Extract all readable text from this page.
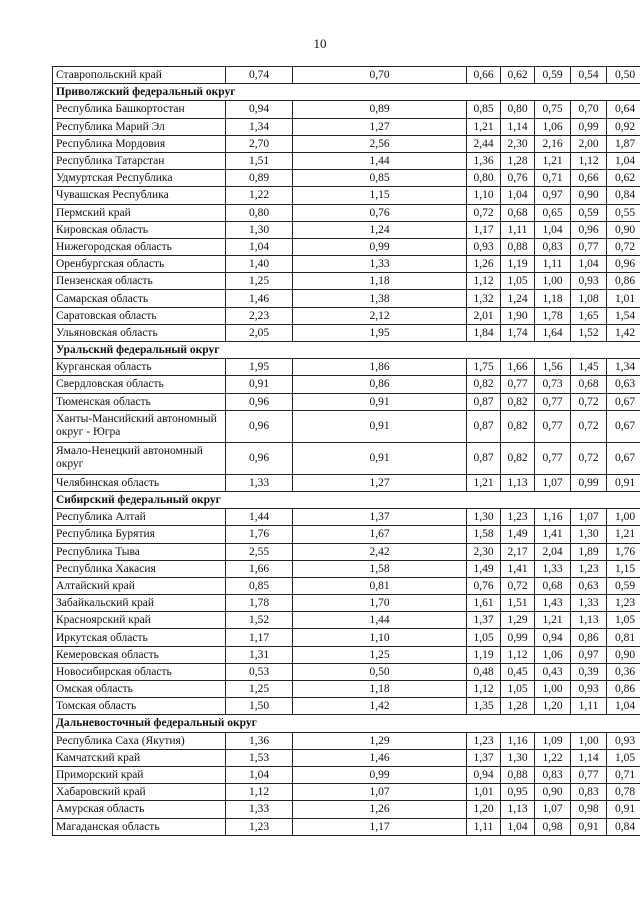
10
Ставропольский край	0,74	0,70	0,66	0,62	0,59	0,54	0,50
Приволжский федеральный округ							
Республика Башкортостан	0,94	0,89	0,85	0,80	0,75	0,70	0,64
Республика Марий Эл	1,34	1,27	1,21	1,14	1,06	0,99	0,92
Республика Мордовия	2,70	2,56	2,44	2,30	2,16	2,00	1,87
Республика Татарстан	1,51	1,44	1,36	1,28	1,21	1,12	1,04
Удмуртская Республика	0,89	0,85	0,80	0,76	0,71	0,66	0,62
Чувашская Республика	1,22	1,15	1,10	1,04	0,97	0,90	0,84
Пермский край	0,80	0,76	0,72	0,68	0,65	0,59	0,55
Кировская область	1,30	1,24	1,17	1,11	1,04	0,96	0,90
Нижегородская область	1,04	0,99	0,93	0,88	0,83	0,77	0,72
Оренбургская область	1,40	1,33	1,26	1,19	1,11	1,04	0,96
Пензенская область	1,25	1,18	1,12	1,05	1,00	0,93	0,86
Самарская область	1,46	1,38	1,32	1,24	1,18	1,08	1,01
Саратовская область	2,23	2,12	2,01	1,90	1,78	1,65	1,54
Ульяновская область	2,05	1,95	1,84	1,74	1,64	1,52	1,42
Уральский федеральный округ							
Курганская область	1,95	1,86	1,75	1,66	1,56	1,45	1,34
Свердловская область	0,91	0,86	0,82	0,77	0,73	0,68	0,63
Тюменская область	0,96	0,91	0,87	0,82	0,77	0,72	0,67
Ханты-Мансийский автономный округ - Югра	0,96	0,91	0,87	0,82	0,77	0,72	0,67
Ямало-Ненецкий автономный округ	0,96	0,91	0,87	0,82	0,77	0,72	0,67
Челябинская область	1,33	1,27	1,21	1,13	1,07	0,99	0,91
Сибирский федеральный округ							
Республика Алтай	1,44	1,37	1,30	1,23	1,16	1,07	1,00
Республика Бурятия	1,76	1,67	1,58	1,49	1,41	1,30	1,21
Республика Тыва	2,55	2,42	2,30	2,17	2,04	1,89	1,76
Республика Хакасия	1,66	1,58	1,49	1,41	1,33	1,23	1,15
Алтайский край	0,85	0,81	0,76	0,72	0,68	0,63	0,59
Забайкальский край	1,78	1,70	1,61	1,51	1,43	1,33	1,23
Красноярский край	1,52	1,44	1,37	1,29	1,21	1,13	1,05
Иркутская область	1,17	1,10	1,05	0,99	0,94	0,86	0,81
Кемеровская область	1,31	1,25	1,19	1,12	1,06	0,97	0,90
Новосибирская область	0,53	0,50	0,48	0,45	0,43	0,39	0,36
Омская область	1,25	1,18	1,12	1,05	1,00	0,93	0,86
Томская область	1,50	1,42	1,35	1,28	1,20	1,11	1,04
Дальневосточный федеральный округ							
Республика Саха (Якутия)	1,36	1,29	1,23	1,16	1,09	1,00	0,93
Камчатский край	1,53	1,46	1,37	1,30	1,22	1,14	1,05
Приморский край	1,04	0,99	0,94	0,88	0,83	0,77	0,71
Хабаровский край	1,12	1,07	1,01	0,95	0,90	0,83	0,78
Амурская область	1,33	1,26	1,20	1,13	1,07	0,98	0,91
Магаданская область	1,23	1,17	1,11	1,04	0,98	0,91	0,84
